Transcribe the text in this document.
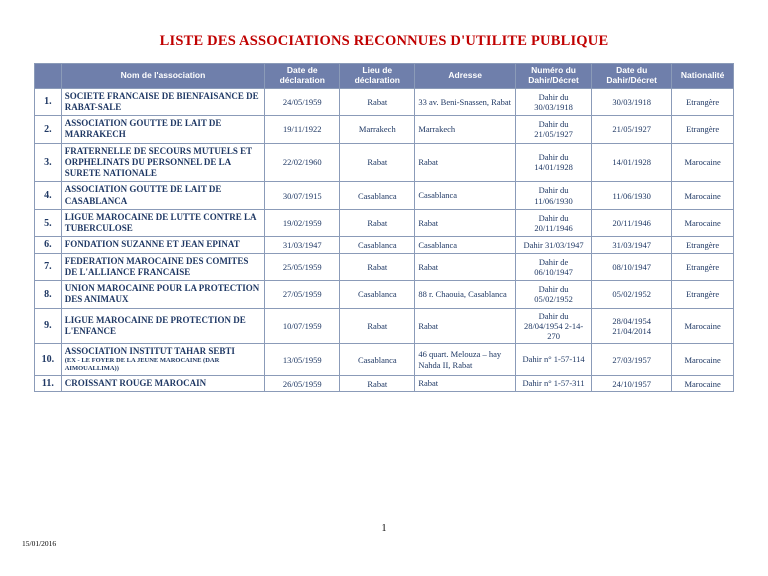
LISTE DES ASSOCIATIONS RECONNUES D'UTILITE PUBLIQUE
	Nom de l'association	Date de déclaration	Lieu de déclaration	Adresse	Numéro du Dahir/Décret	Date du Dahir/Décret	Nationalité
1.	SOCIETE FRANCAISE DE BIENFAISANCE DE RABAT-SALE	24/05/1959	Rabat	33 av. Beni-Snassen, Rabat	Dahir du 30/03/1918	30/03/1918	Etrangère
2.	ASSOCIATION GOUTTE DE LAIT DE MARRAKECH	19/11/1922	Marrakech	Marrakech	Dahir du 21/05/1927	21/05/1927	Etrangère
3.	FRATERNELLE DE SECOURS MUTUELS ET ORPHELINATS DU PERSONNEL DE LA SURETE NATIONALE	22/02/1960	Rabat	Rabat	Dahir du 14/01/1928	14/01/1928	Marocaine
4.	ASSOCIATION GOUTTE DE LAIT DE CASABLANCA	30/07/1915	Casablanca	Casablanca	Dahir du 11/06/1930	11/06/1930	Marocaine
5.	LIGUE MAROCAINE DE LUTTE CONTRE LA TUBERCULOSE	19/02/1959	Rabat	Rabat	Dahir du 20/11/1946	20/11/1946	Marocaine
6.	FONDATION SUZANNE ET JEAN EPINAT	31/03/1947	Casablanca	Casablanca	Dahir 31/03/1947	31/03/1947	Etrangère
7.	FEDERATION MAROCAINE DES COMITES DE L'ALLIANCE FRANCAISE	25/05/1959	Rabat	Rabat	Dahir de 06/10/1947	08/10/1947	Etrangère
8.	UNION MAROCAINE POUR LA PROTECTION DES ANIMAUX	27/05/1959	Casablanca	88 r. Chaouia, Casablanca	Dahir du 05/02/1952	05/02/1952	Etrangère
9.	LIGUE MAROCAINE DE PROTECTION DE L'ENFANCE	10/07/1959	Rabat	Rabat	Dahir du 28/04/1954 2-14-270	28/04/1954 21/04/2014	Marocaine
10.	ASSOCIATION INSTITUT TAHAR SEBTI
(EX - LE FOYER DE LA JEUNE MAROCAINE (DAR AIMOUALLIMA))	13/05/1959	Casablanca	46 quart. Melouza – hay Nahda II, Rabat	Dahir n° 1-57-114	27/03/1957	Marocaine
11.	CROISSANT ROUGE MAROCAIN	26/05/1959	Rabat	Rabat	Dahir n° 1-57-311	24/10/1957	Marocaine
1
15/01/2016
